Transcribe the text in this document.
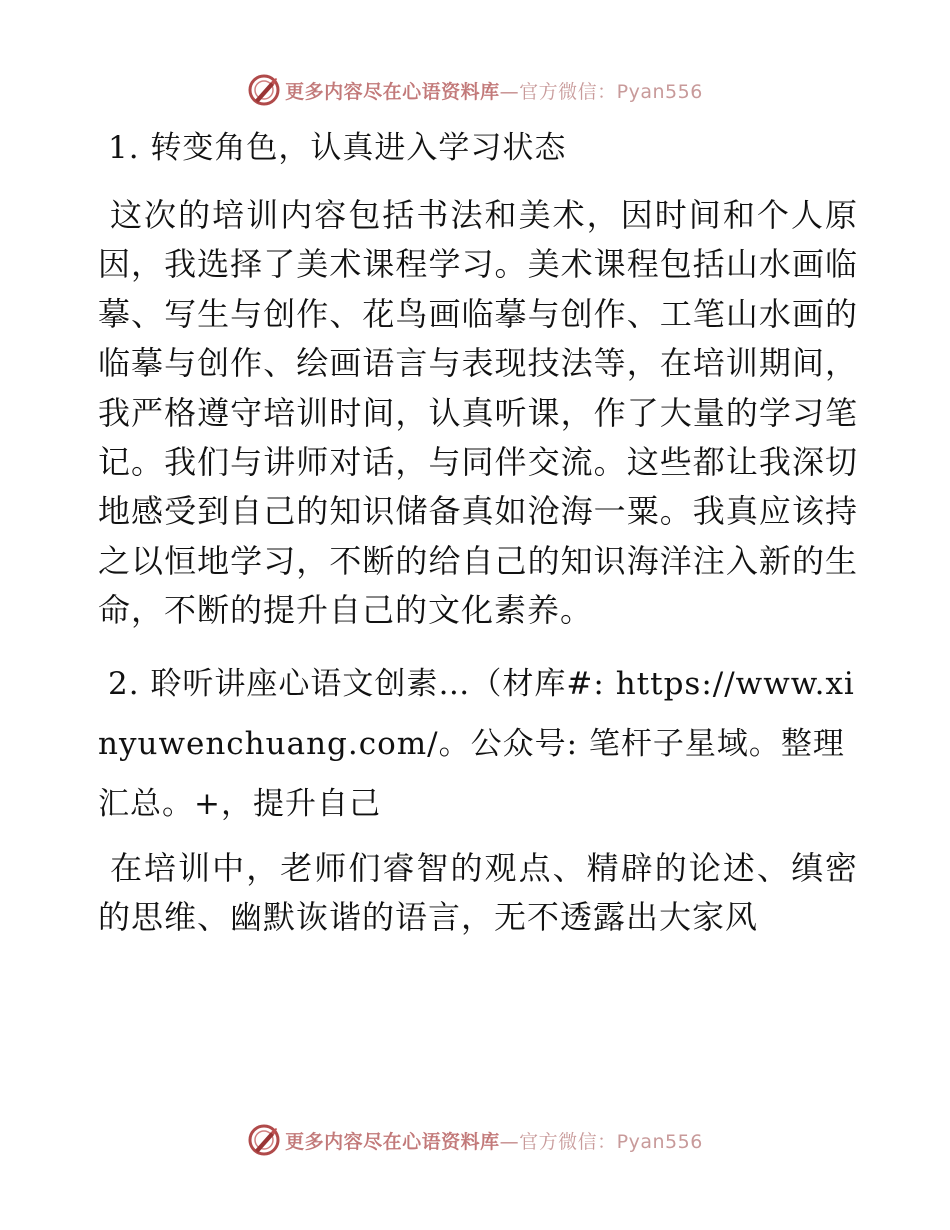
更多内容尽在心语资料库—官方微信：Pyan556
1. 转变角色，认真进入学习状态

这次的培训内容包括书法和美术，因时间和个人原因，我选择了美术课程学习。美术课程包括山水画临摹、写生与创作、花鸟画临摹与创作、工笔山水画的临摹与创作、绘画语言与表现技法等，在培训期间，我严格遵守培训时间，认真听课，作了大量的学习笔记。我们与讲师对话，与同伴交流。这些都让我深切地感受到自己的知识储备真如沧海一粟。我真应该持之以恒地学习，不断的给自己的知识海洋注入新的生命，不断的提升自己的文化素养。

2. 聆听讲座心语文创素…（材库#: https://www.xinyuwenchuang.com/。公众号: 笔杆子星域。整理汇总。+，提升自己

在培训中，老师们睿智的观点、精辟的论述、缜密的思维、幽默诙谐的语言，无不透露出大家风

更多内容尽在心语资料库—官方微信：Pyan556
